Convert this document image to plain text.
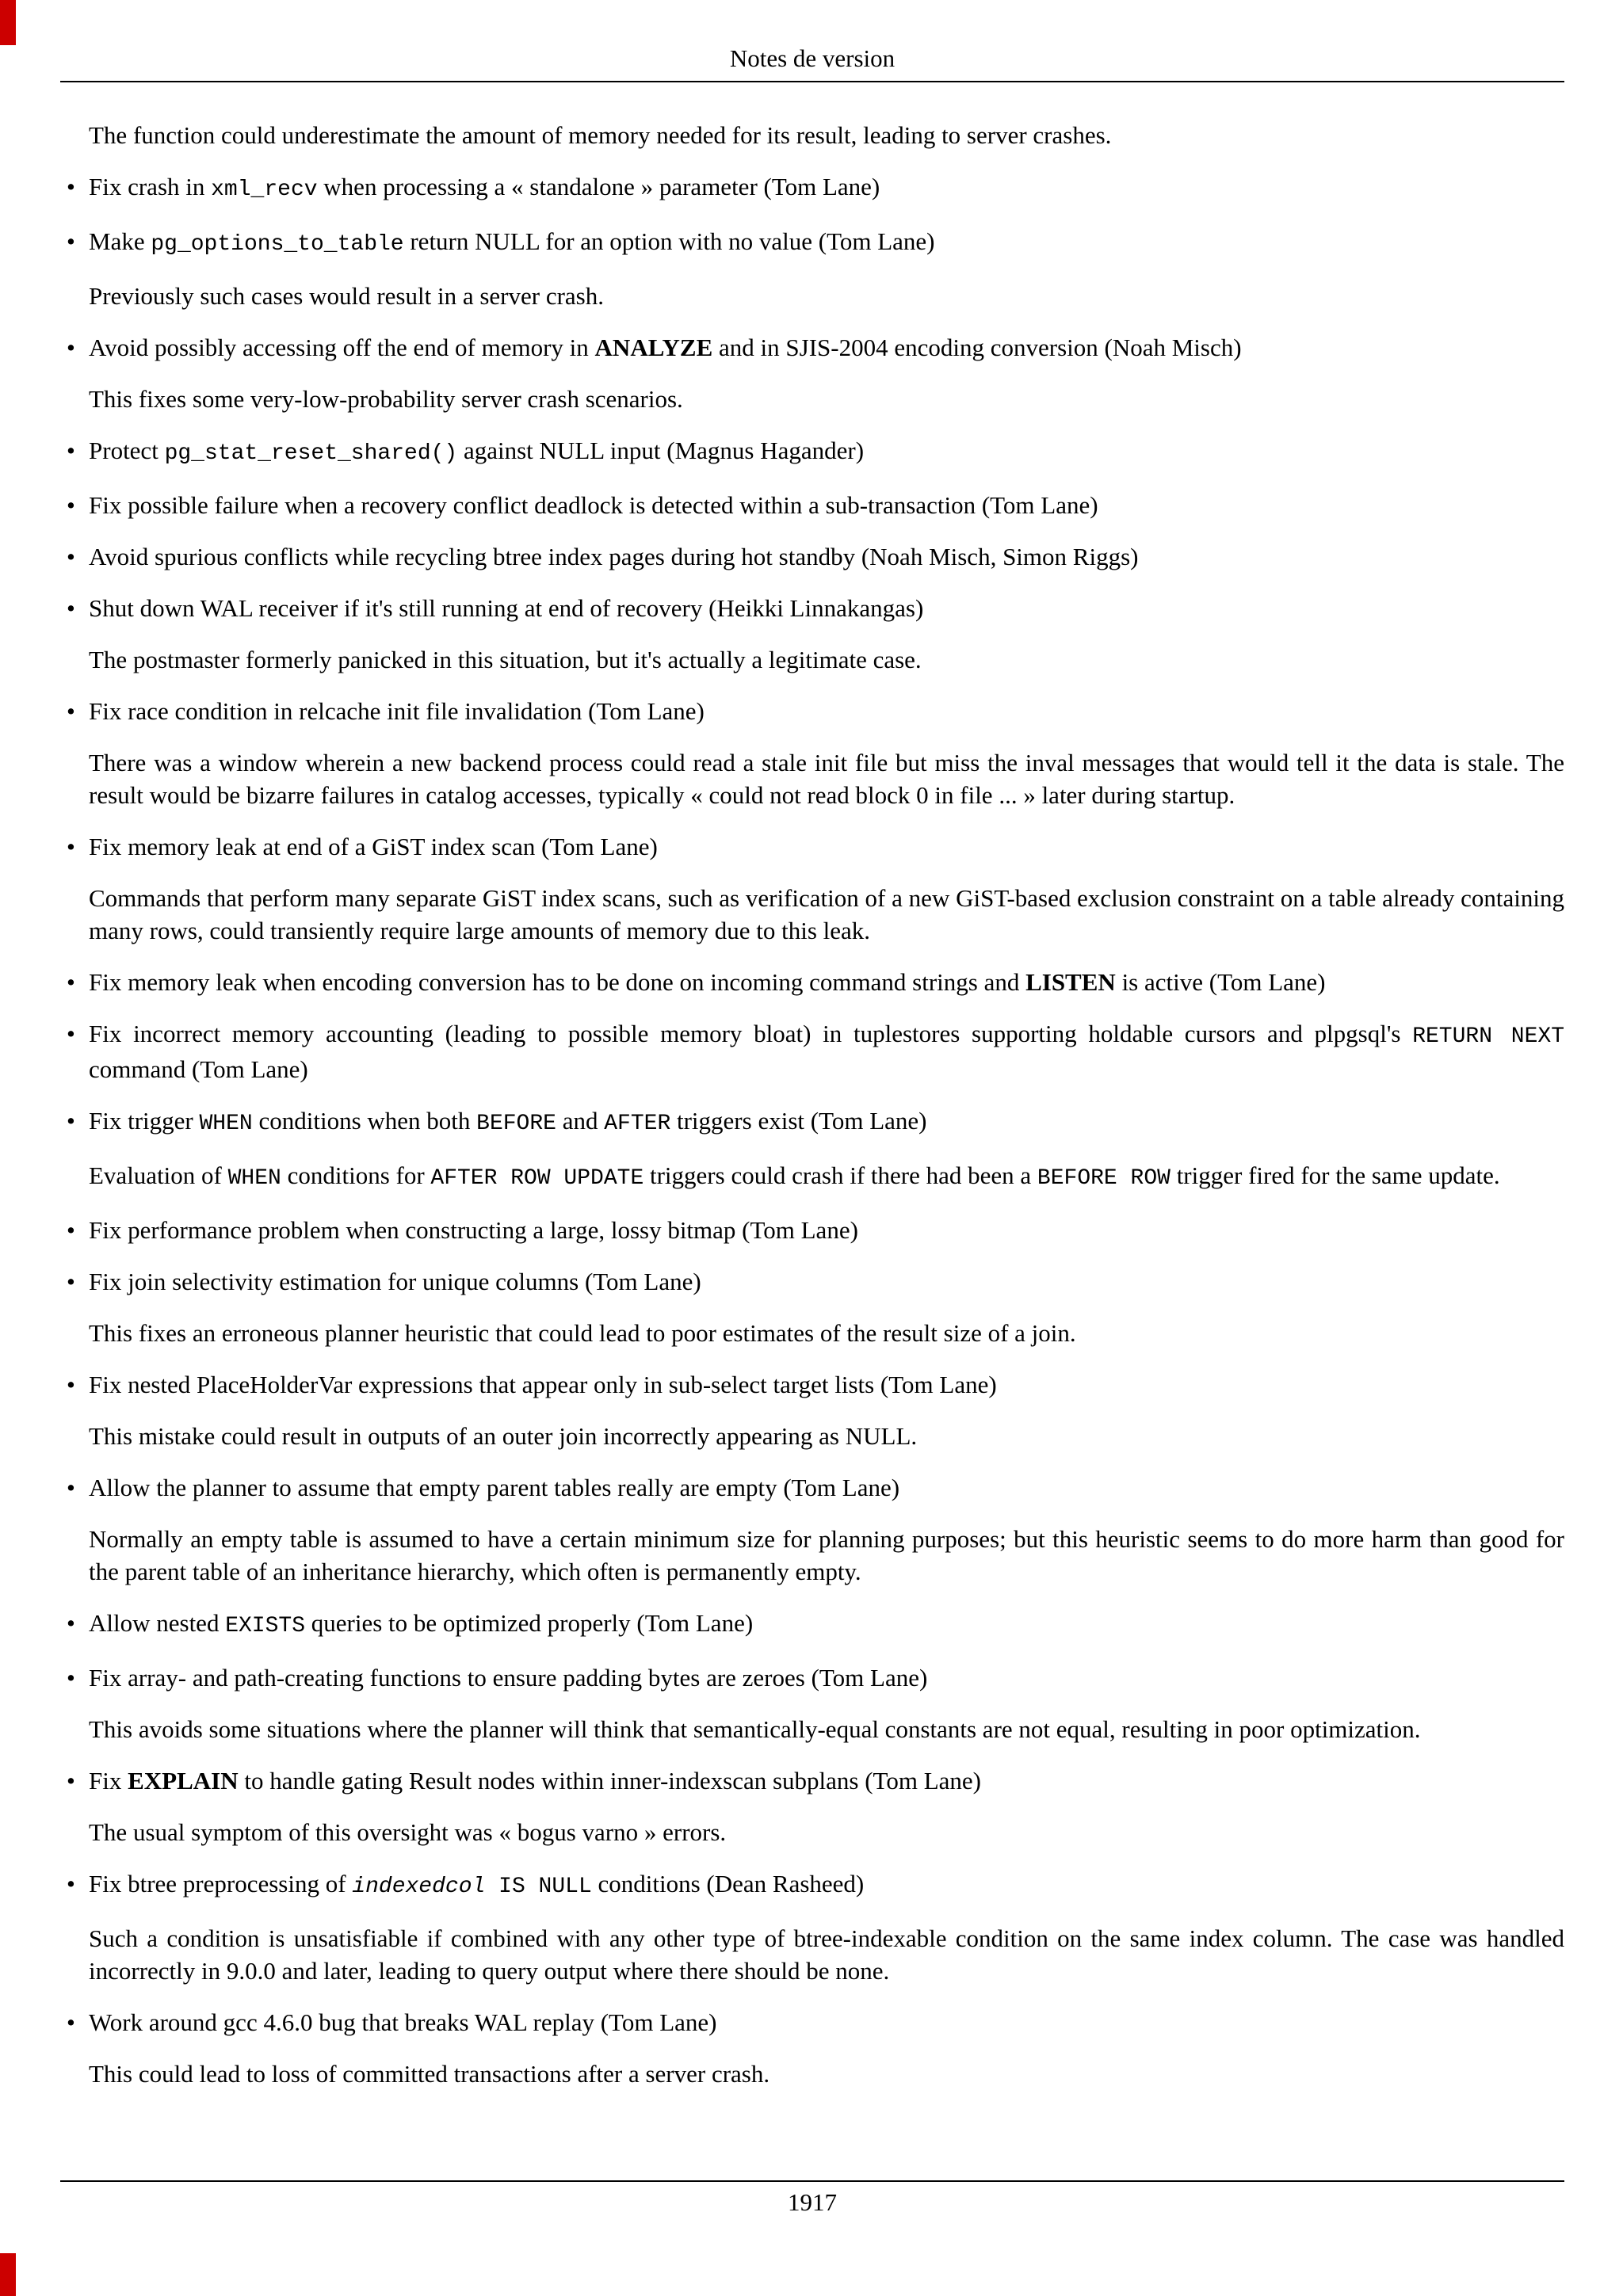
Notes de version
The function could underestimate the amount of memory needed for its result, leading to server crashes.
• Fix crash in xml_recv when processing a « standalone » parameter (Tom Lane)
• Make pg_options_to_table return NULL for an option with no value (Tom Lane)
Previously such cases would result in a server crash.
• Avoid possibly accessing off the end of memory in ANALYZE and in SJIS-2004 encoding conversion (Noah Misch)
This fixes some very-low-probability server crash scenarios.
• Protect pg_stat_reset_shared() against NULL input (Magnus Hagander)
• Fix possible failure when a recovery conflict deadlock is detected within a sub-transaction (Tom Lane)
• Avoid spurious conflicts while recycling btree index pages during hot standby (Noah Misch, Simon Riggs)
• Shut down WAL receiver if it's still running at end of recovery (Heikki Linnakangas)
The postmaster formerly panicked in this situation, but it's actually a legitimate case.
• Fix race condition in relcache init file invalidation (Tom Lane)
There was a window wherein a new backend process could read a stale init file but miss the inval messages that would tell it the data is stale. The result would be bizarre failures in catalog accesses, typically « could not read block 0 in file ... » later during startup.
• Fix memory leak at end of a GiST index scan (Tom Lane)
Commands that perform many separate GiST index scans, such as verification of a new GiST-based exclusion constraint on a table already containing many rows, could transiently require large amounts of memory due to this leak.
• Fix memory leak when encoding conversion has to be done on incoming command strings and LISTEN is active (Tom Lane)
• Fix incorrect memory accounting (leading to possible memory bloat) in tuplestores supporting holdable cursors and plpgsql's RETURN NEXT command (Tom Lane)
• Fix trigger WHEN conditions when both BEFORE and AFTER triggers exist (Tom Lane)
Evaluation of WHEN conditions for AFTER ROW UPDATE triggers could crash if there had been a BEFORE ROW trigger fired for the same update.
• Fix performance problem when constructing a large, lossy bitmap (Tom Lane)
• Fix join selectivity estimation for unique columns (Tom Lane)
This fixes an erroneous planner heuristic that could lead to poor estimates of the result size of a join.
• Fix nested PlaceHolderVar expressions that appear only in sub-select target lists (Tom Lane)
This mistake could result in outputs of an outer join incorrectly appearing as NULL.
• Allow the planner to assume that empty parent tables really are empty (Tom Lane)
Normally an empty table is assumed to have a certain minimum size for planning purposes; but this heuristic seems to do more harm than good for the parent table of an inheritance hierarchy, which often is permanently empty.
• Allow nested EXISTS queries to be optimized properly (Tom Lane)
• Fix array- and path-creating functions to ensure padding bytes are zeroes (Tom Lane)
This avoids some situations where the planner will think that semantically-equal constants are not equal, resulting in poor optimization.
• Fix EXPLAIN to handle gating Result nodes within inner-indexscan subplans (Tom Lane)
The usual symptom of this oversight was « bogus varno » errors.
• Fix btree preprocessing of indexedcol IS NULL conditions (Dean Rasheed)
Such a condition is unsatisfiable if combined with any other type of btree-indexable condition on the same index column. The case was handled incorrectly in 9.0.0 and later, leading to query output where there should be none.
• Work around gcc 4.6.0 bug that breaks WAL replay (Tom Lane)
This could lead to loss of committed transactions after a server crash.
1917
